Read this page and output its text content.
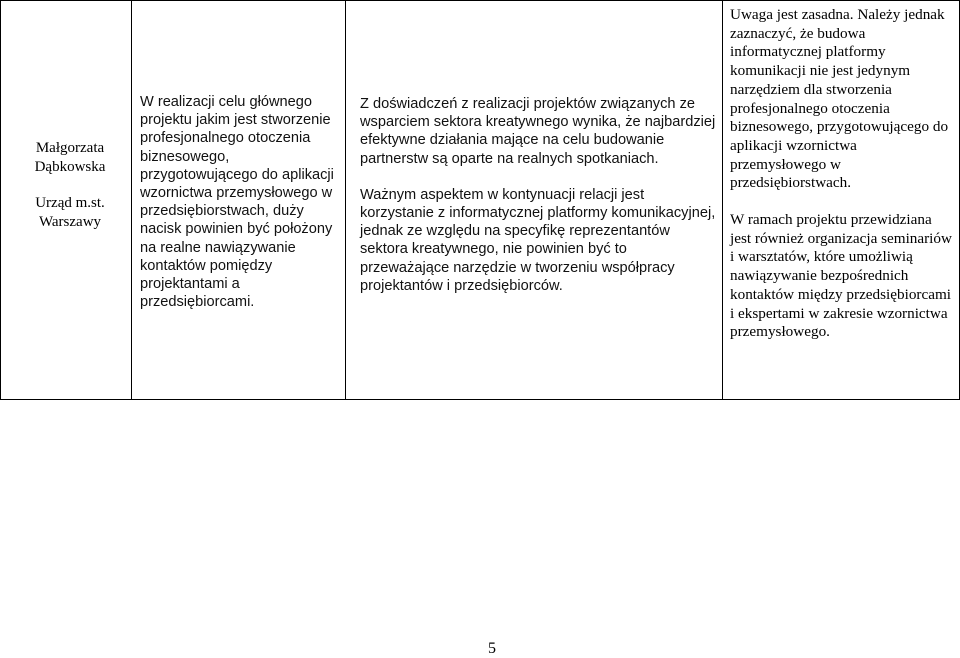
Małgorzata

Dąbkowska

Urząd m.st.

Warszawy

W realizacji celu głównego projektu jakim jest stworzenie profesjonalnego otoczenia biznesowego, przygotowującego do aplikacji wzornictwa przemysłowego w przedsiębiorstwach, duży nacisk powinien być położony na realne nawiązywanie kontaktów pomiędzy projektantami a przedsiębiorcami.

Z doświadczeń z realizacji projektów związanych ze wsparciem sektora kreatywnego wynika, że najbardziej efektywne działania mające na celu budowanie partnerstw są oparte na realnych spotkaniach.

Ważnym aspektem w kontynuacji relacji jest korzystanie z informatycznej platformy komunikacyjnej, jednak ze względu na specyfikę reprezentantów sektora kreatywnego, nie powinien być to przeważające narzędzie w tworzeniu współpracy projektantów i przedsiębiorców.

Uwaga jest zasadna. Należy jednak zaznaczyć, że budowa informatycznej platformy komunikacji nie jest jedynym narzędziem dla stworzenia profesjonalnego otoczenia biznesowego, przygotowującego do aplikacji wzornictwa przemysłowego w przedsiębiorstwach.

W ramach projektu przewidziana jest również organizacja seminariów i warsztatów, które umożliwią nawiązywanie bezpośrednich kontaktów między przedsiębiorcami i ekspertami w zakresie wzornictwa przemysłowego.

5
